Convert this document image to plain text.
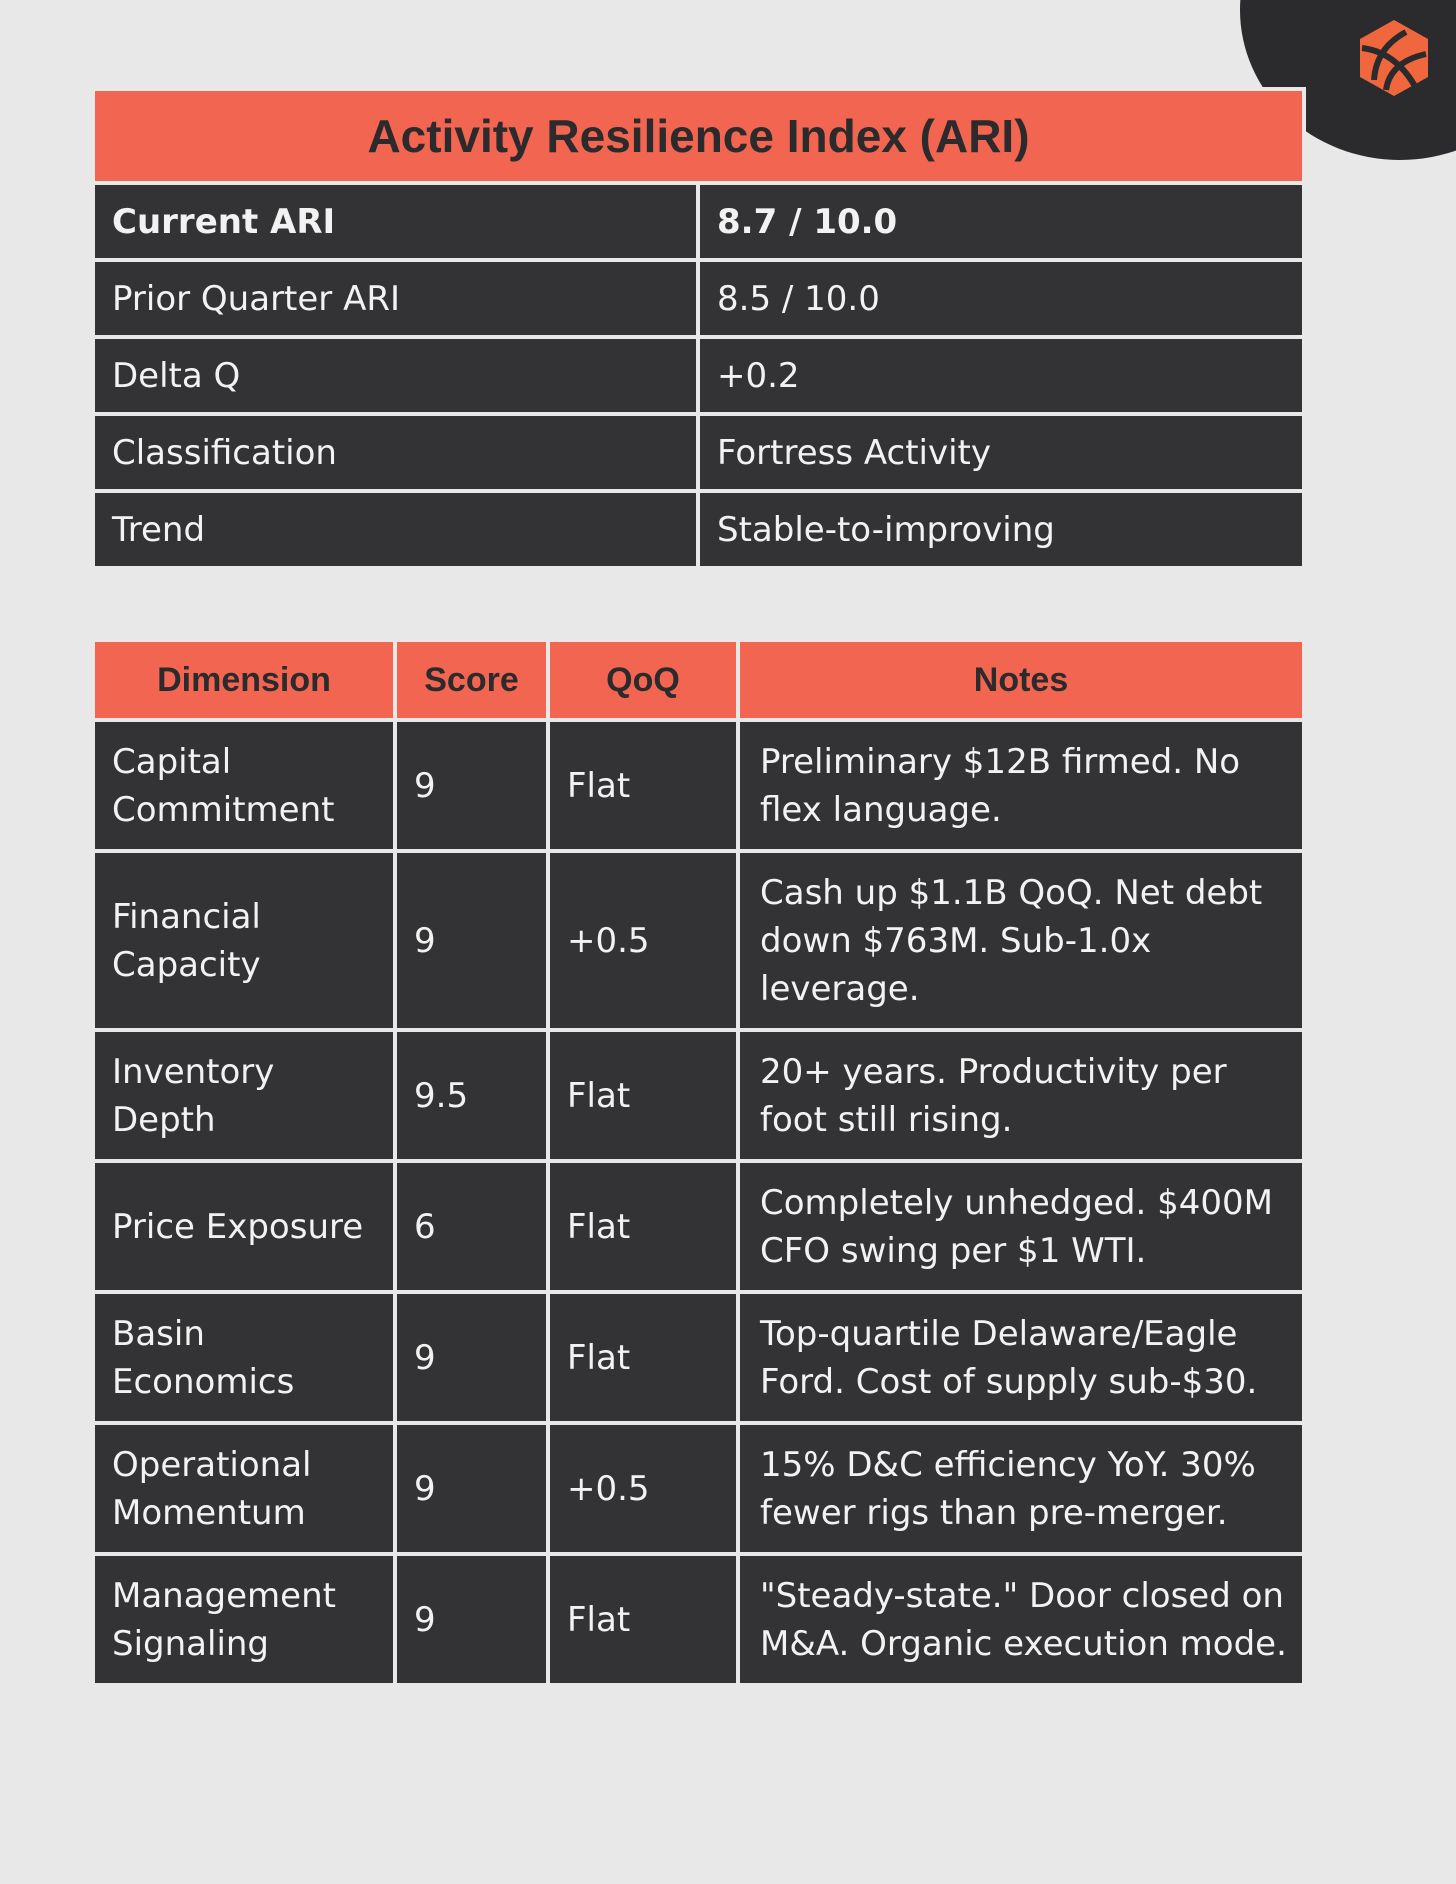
Activity Resilience Index (ARI)	
Current ARI	8.7 / 10.0
Prior Quarter ARI	8.5 / 10.0
Delta Q	+0.2
Classification	Fortress Activity
Trend	Stable-to-improving
Dimension	Score	QoQ	Notes
Capital Commitment	9	Flat	Preliminary $12B firmed. No flex language.
Financial Capacity	9	+0.5	Cash up $1.1B QoQ. Net debt down $763M. Sub-1.0x leverage.
Inventory Depth	9.5	Flat	20+ years. Productivity per foot still rising.
Price Exposure	6	Flat	Completely unhedged. $400M CFO swing per $1 WTI.
Basin Economics	9	Flat	Top-quartile Delaware/Eagle Ford. Cost of supply sub-$30.
Operational Momentum	9	+0.5	15% D&C efficiency YoY. 30% fewer rigs than pre-merger.
Management Signaling	9	Flat	"Steady-state." Door closed on M&A. Organic execution mode.
